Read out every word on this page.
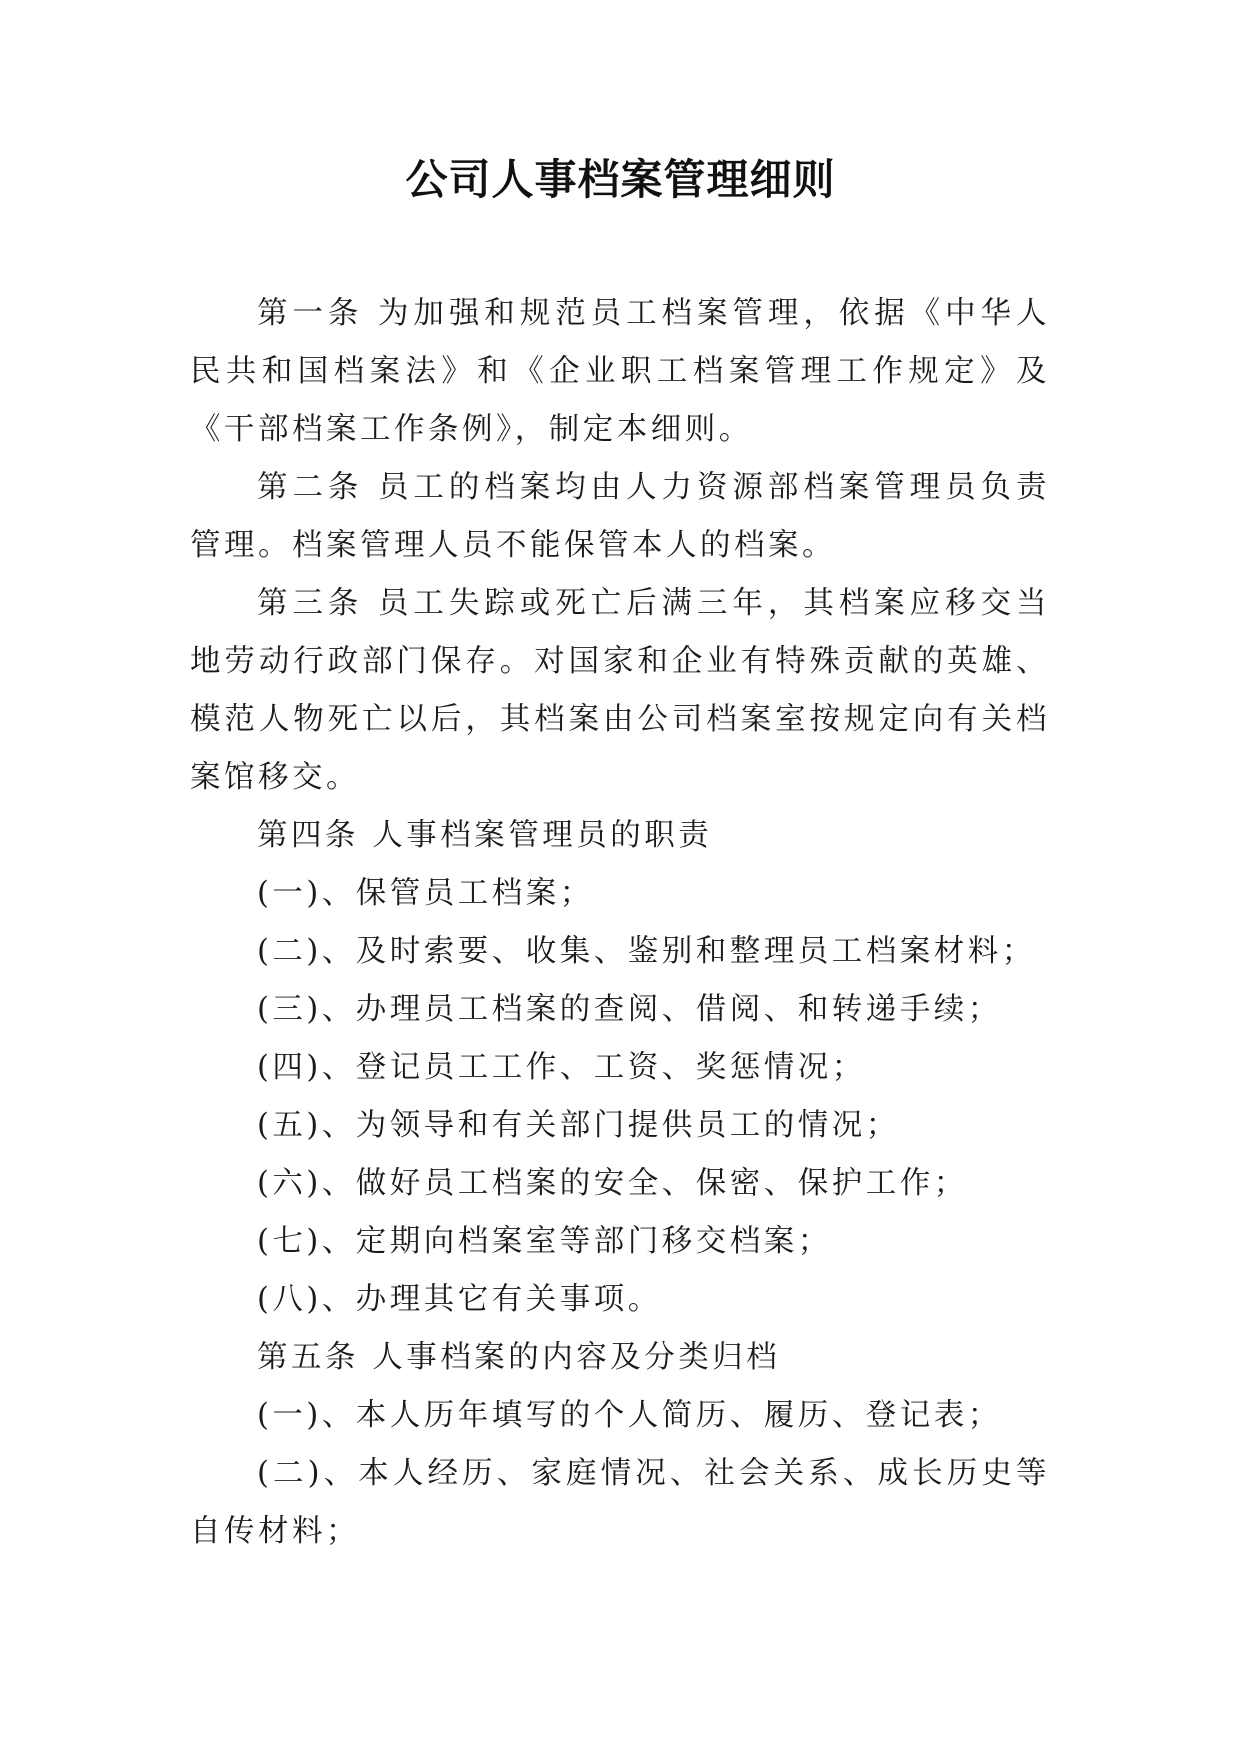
公司人事档案管理细则

第一条 为加强和规范员工档案管理，依据《中华人民共和国档案法》和《企业职工档案管理工作规定》及《干部档案工作条例》，制定本细则。

第二条 员工的档案均由人力资源部档案管理员负责管理。档案管理人员不能保管本人的档案。

第三条 员工失踪或死亡后满三年，其档案应移交当地劳动行政部门保存。对国家和企业有特殊贡献的英雄、模范人物死亡以后，其档案由公司档案室按规定向有关档案馆移交。

第四条 人事档案管理员的职责

(一)、保管员工档案；

(二)、及时索要、收集、鉴别和整理员工档案材料；

(三)、办理员工档案的查阅、借阅、和转递手续；

(四)、登记员工工作、工资、奖惩情况；

(五)、为领导和有关部门提供员工的情况；

(六)、做好员工档案的安全、保密、保护工作；

(七)、定期向档案室等部门移交档案；

(八)、办理其它有关事项。

第五条 人事档案的内容及分类归档

(一)、本人历年填写的个人简历、履历、登记表；

(二)、本人经历、家庭情况、社会关系、成长历史等自传材料；
